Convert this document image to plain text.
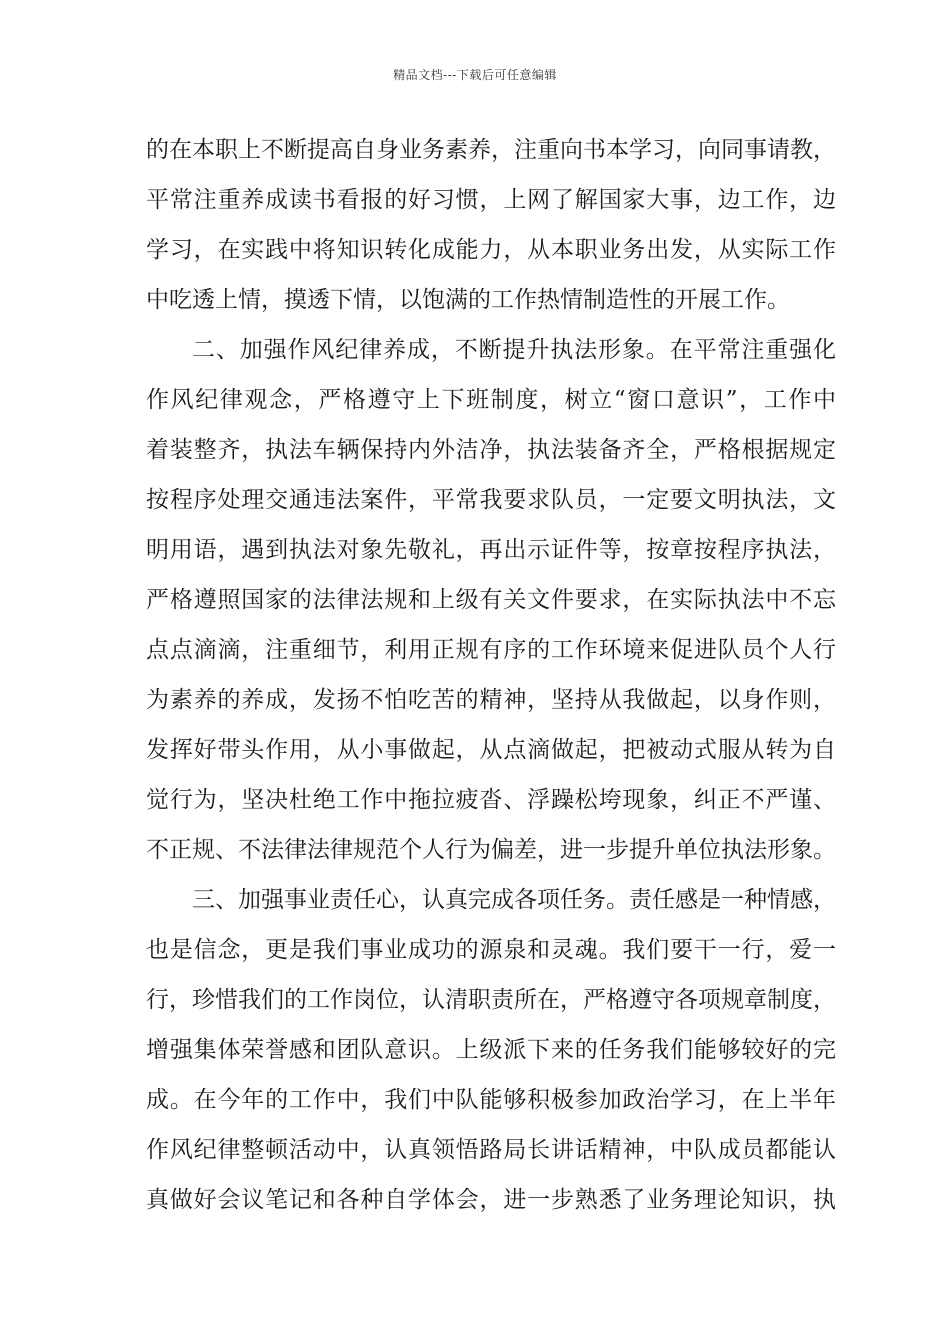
精品文档---下载后可任意编辑
的在本职上不断提高自身业务素养，注重向书本学习，向同事请教，
平常注重养成读书看报的好习惯，上网了解国家大事，边工作，边
学习，在实践中将知识转化成能力，从本职业务出发，从实际工作
中吃透上情，摸透下情，以饱满的工作热情制造性的开展工作。
二、加强作风纪律养成，不断提升执法形象。在平常注重强化
作风纪律观念，严格遵守上下班制度，树立“窗口意识”，工作中
着装整齐，执法车辆保持内外洁净，执法装备齐全，严格根据规定
按程序处理交通违法案件，平常我要求队员，一定要文明执法，文
明用语，遇到执法对象先敬礼，再出示证件等，按章按程序执法，
严格遵照国家的法律法规和上级有关文件要求，在实际执法中不忘
点点滴滴，注重细节，利用正规有序的工作环境来促进队员个人行
为素养的养成，发扬不怕吃苦的精神，坚持从我做起，以身作则，
发挥好带头作用，从小事做起，从点滴做起，把被动式服从转为自
觉行为，坚决杜绝工作中拖拉疲沓、浮躁松垮现象，纠正不严谨、
不正规、不法律法律规范个人行为偏差，进一步提升单位执法形象。
三、加强事业责任心，认真完成各项任务。责任感是一种情感，
也是信念，更是我们事业成功的源泉和灵魂。我们要干一行，爱一
行，珍惜我们的工作岗位，认清职责所在，严格遵守各项规章制度，
增强集体荣誉感和团队意识。上级派下来的任务我们能够较好的完
成。在今年的工作中，我们中队能够积极参加政治学习，在上半年
作风纪律整顿活动中，认真领悟路局长讲话精神，中队成员都能认
真做好会议笔记和各种自学体会，进一步熟悉了业务理论知识，执
